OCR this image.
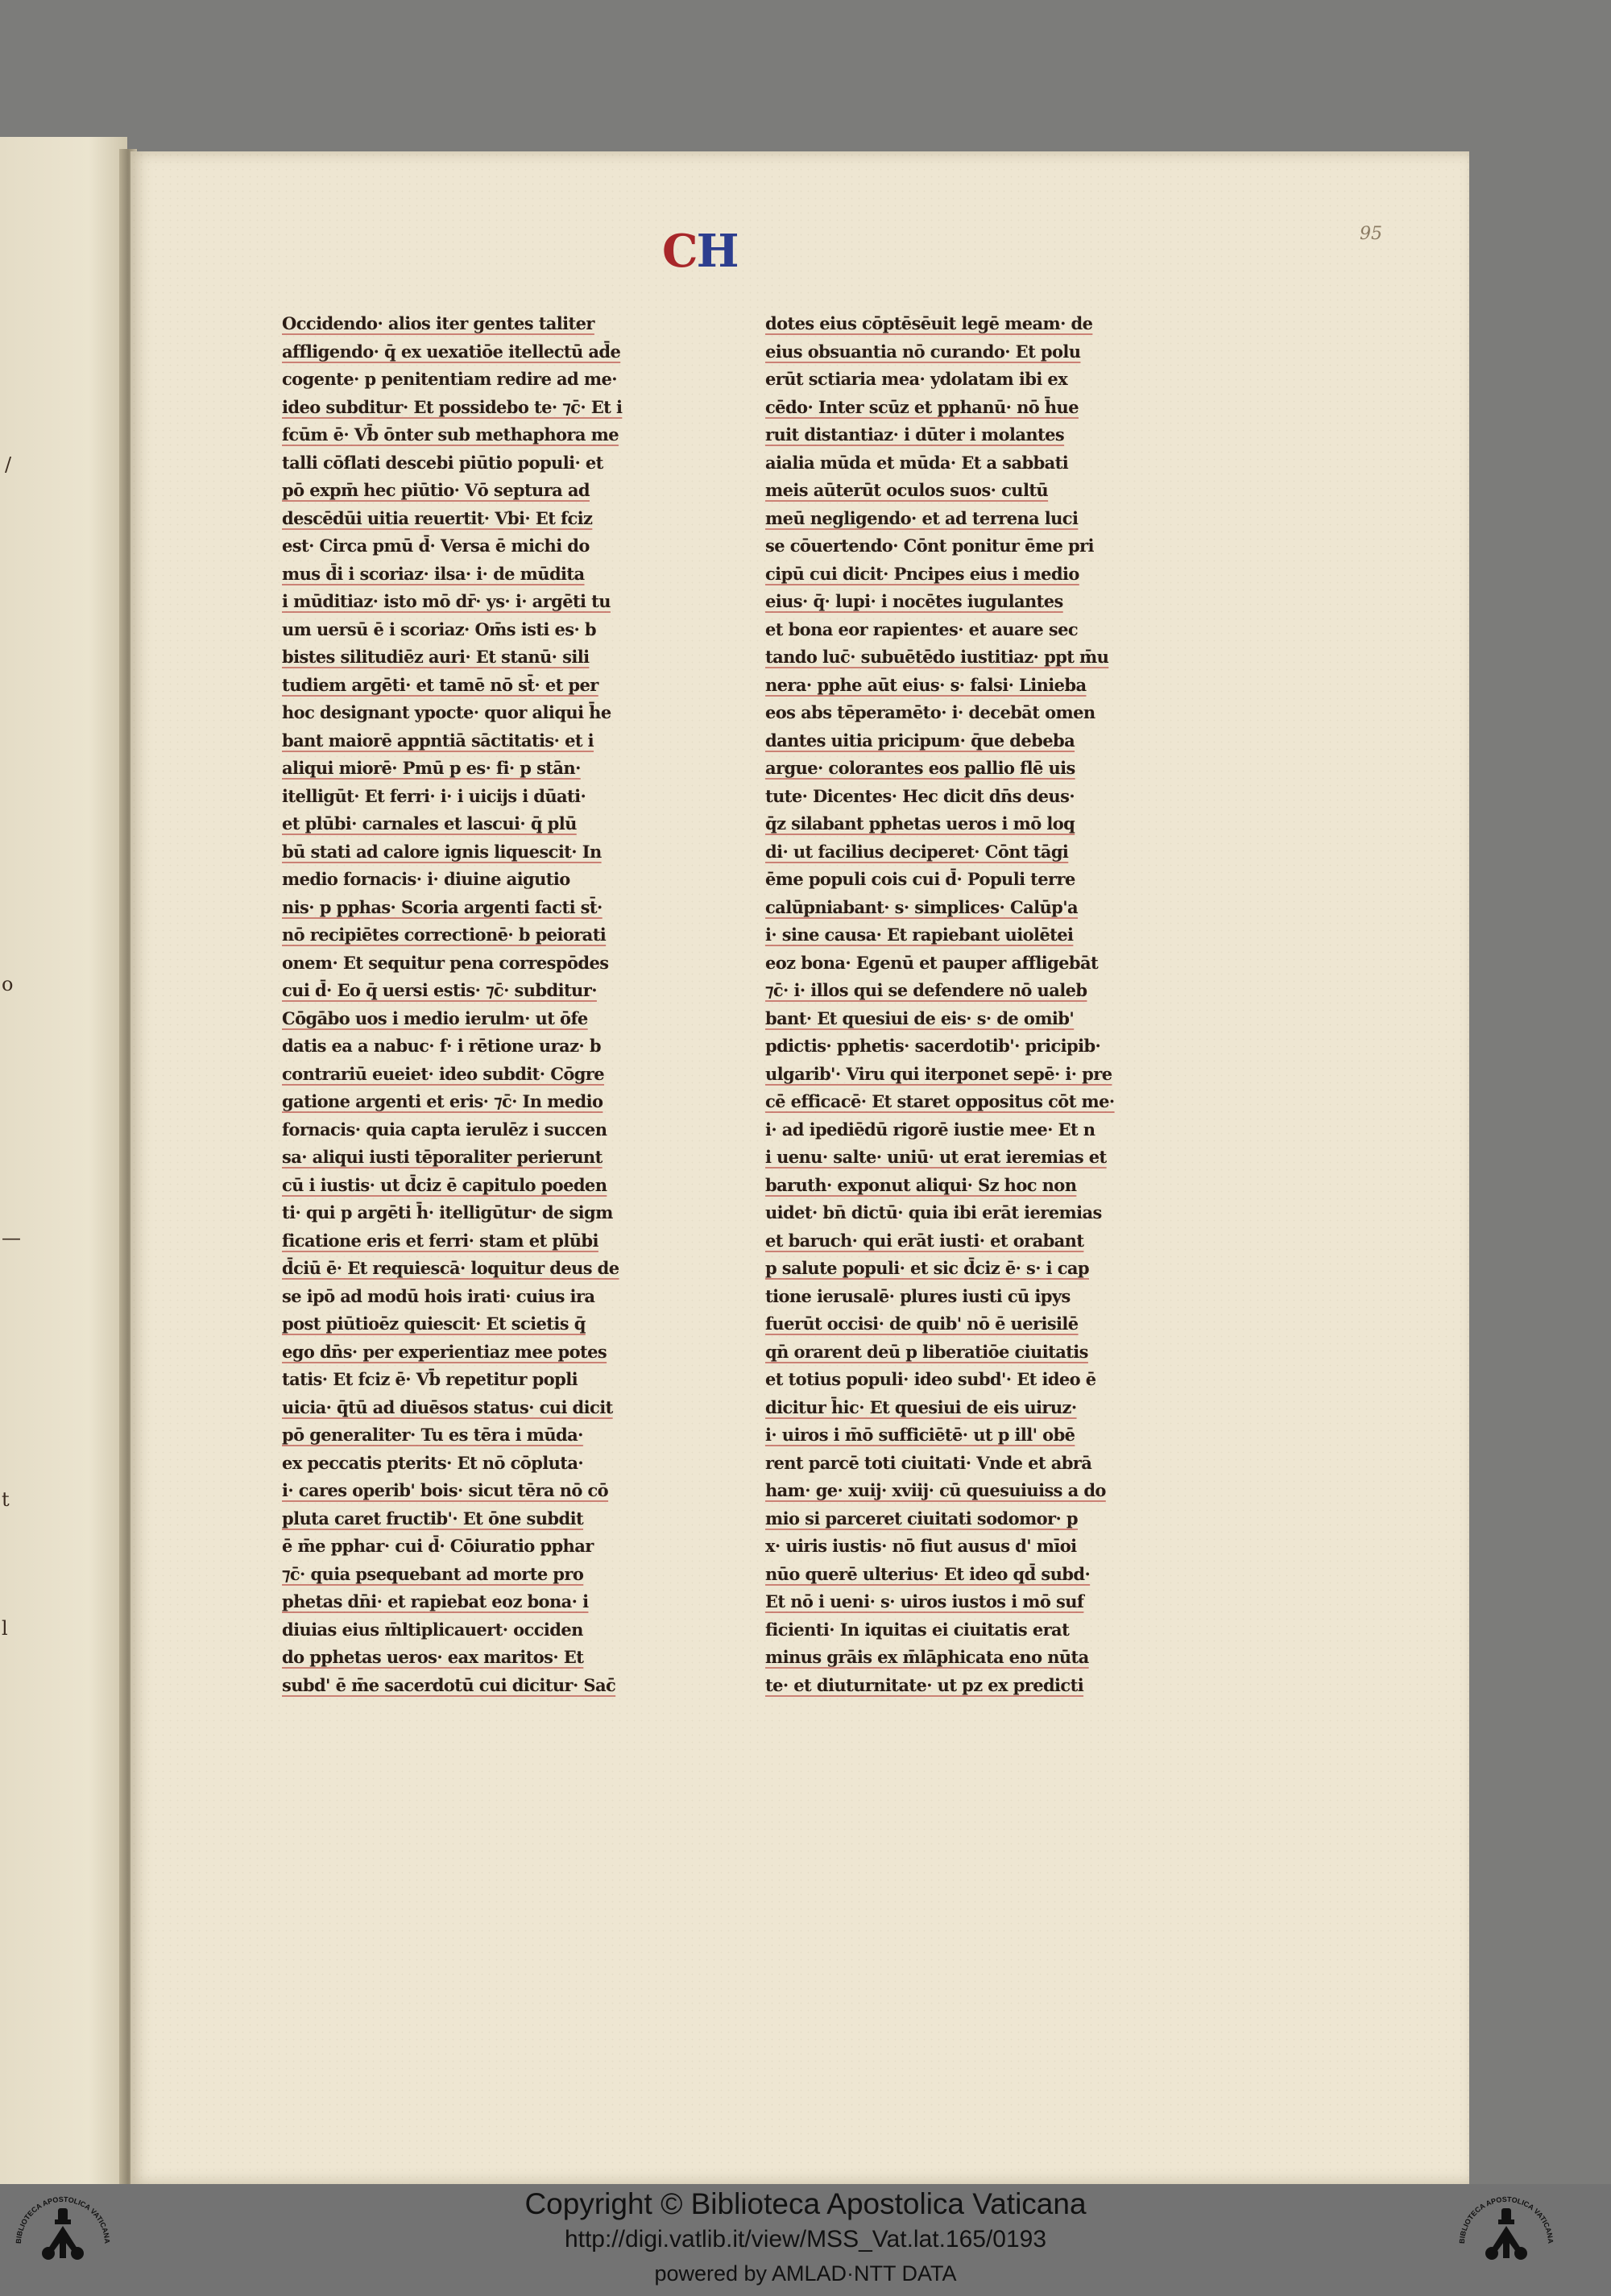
/
o
—
t
l
95
CH
Occidendo· alios iter gentes taliter
affligendo· q̄ ex uexatiōe itellectū ad̄e
cogente· p penitentiam redire ad me·
ideo subditur· Et possidebo te· ⁊c̄· Et i
fcūm ē· Vb̄ ōnter sub methaphora me
talli cōflati descebi piūtio populi· et
pō expm̄ hec piūtio· Vō septura ad
descēdūi uitia reuertit· Vbi· Et fciz
est· Circa pmū d̄· Versa ē michi do
mus d̄i i scoriaz· ilsa· i· de mūdita
i mūditiaz· isto mō dr̄· ys· i· argēti tu
um uersū ē i scoriaz· Om̄s isti es· b
bistes silitudiēz auri· Et stanū· sili
tudiem argēti· et tamē nō st̄· et per
hoc designant ypocte· quor aliqui h̄e
bant maiorē appntiā sāctitatis· et i
aliqui miorē· Pmū p es· fi· p stān·
itelligūt· Et ferri· i· i uicijs i dūati·
et plūbi· carnales et lascui· q̄ plū
bū stati ad calore ignis liquescit· In
medio fornacis· i· diuine aigutio
nis· p pphas· Scoria argenti facti st̄·
nō recipiētes correctionē· b peiorati
onem· Et sequitur pena correspōdes
cui d̄· Eo q̄ uersi estis· ⁊c̄· subditur·
Cōgābo uos i medio ierulm· ut ōfe
datis ea a nabuc· f· i rētione uraz· b
contrariū eueiet· ideo subdit· Cōgre
gatione argenti et eris· ⁊c̄· In medio
fornacis· quia capta ierulēz i succen
sa· aliqui iusti tēporaliter perierunt
cū i iustis· ut d̄ciz ē capitulo poeden
ti· qui p argēti h̄· itelligūtur· de sigm
ficatione eris et ferri· stam et plūbi
d̄ciū ē· Et requiescā· loquitur deus de
se ipō ad modū hois irati· cuius ira
post piūtioēz quiescit· Et scietis q̄
ego dn̄s· per experientiaz mee potes
tatis· Et fciz ē· Vb̄ repetitur popli
uicia· q̄tū ad diuēsos status· cui dicit
pō generaliter· Tu es tēra i mūda·
ex peccatis pterits· Et nō cōpluta·
i· cares operib' bois· sicut tēra nō cō
pluta caret fructib'· Et ōne subdit
ē m̄e pphar· cui d̄· Cōiuratio pphar
⁊c̄· quia psequebant ad morte pro
phetas dn̄i· et rapiebat eoz bona· i
diuias eius m̄ltiplicauert· occiden
do pphetas ueros· eax maritos· Et
subd' ē m̄e sacerdotū cui dicitur· Sac̄
dotes eius cōptēsēuit legē meam· de
eius obsuantia nō curando· Et polu
erūt sctiaria mea· ydolatam ibi ex
cēdo· Inter scūz et pphanū· nō h̄ue
ruit distantiaz· i dūter i molantes
aialia mūda et mūda· Et a sabbati
meis aūterūt oculos suos· cultū
meū negligendo· et ad terrena luci
se cōuertendo· Cōnt ponitur ēme pri
cipū cui dicit· Pncipes eius i medio
eius· q̄· lupi· i nocētes iugulantes
et bona eor rapientes· et auare sec
tando luc̄· subuētēdo iustitiaz· ppt m̄u
nera· pphe aūt eius· s· falsi· Linieba
eos abs tēperamēto· i· decebāt omen
dantes uitia pricipum· q̄ue debeba
argue· colorantes eos pallio flē uis
tute· Dicentes· Hec dicit dn̄s deus·
q̄z silabant pphetas ueros i mō loq
di· ut facilius deciperet· Cōnt tāgi
ēme populi cois cui d̄· Populi terre
calūpniabant· s· simplices· Calūp'a
i· sine causa· Et rapiebant uiolētei
eoz bona· Egenū et pauper affligebāt
⁊c̄· i· illos qui se defendere nō ualeb
bant· Et quesiui de eis· s· de omib'
pdictis· pphetis· sacerdotib'· pricipib·
ulgarib'· Viru qui iterponet sepē· i· pre
cē efficacē· Et staret oppositus cōt me·
i· ad ipediēdū rigorē iustie mee· Et n
i uenu· salte· uniū· ut erat ieremias et
baruth· exponut aliqui· Sz hoc non
uidet· bn̄ dictū· quia ibi erāt ieremias
et baruch· qui erāt iusti· et orabant
p salute populi· et sic d̄ciz ē· s· i cap
tione ierusalē· plures iusti cū ipys
fuerūt occisi· de quib' nō ē uerisilē
qn̄ orarent deū p liberatiōe ciuitatis
et totius populi· ideo subd'· Et ideo ē
dicitur h̄ic· Et quesiui de eis uiruz·
i· uiros i m̄ō sufficiētē· ut p ill' obē
rent parcē toti ciuitati· Vnde et abrā
ham· ge· xuij· xviij· cū quesuiuiss a do
mio si parceret ciuitati sodomor· p
x· uiris iustis· nō fiut ausus d' mīoi
nūo querē ulterius· Et ideo qd̄ subd·
Et nō i ueni· s· uiros iustos i mō suf
ficienti· In iquitas ei ciuitatis erat
minus grāis ex m̄lāphicata eno nūta
te· et diuturnitate· ut pz ex predicti
BIBLIOTECA APOSTOLICA VATICANA	BIBLIOTECA APOSTOLICA VATICANA
Copyright © Biblioteca Apostolica Vaticana
http://digi.vatlib.it/view/MSS_Vat.lat.165/0193
powered by AMLAD·NTT DATA
